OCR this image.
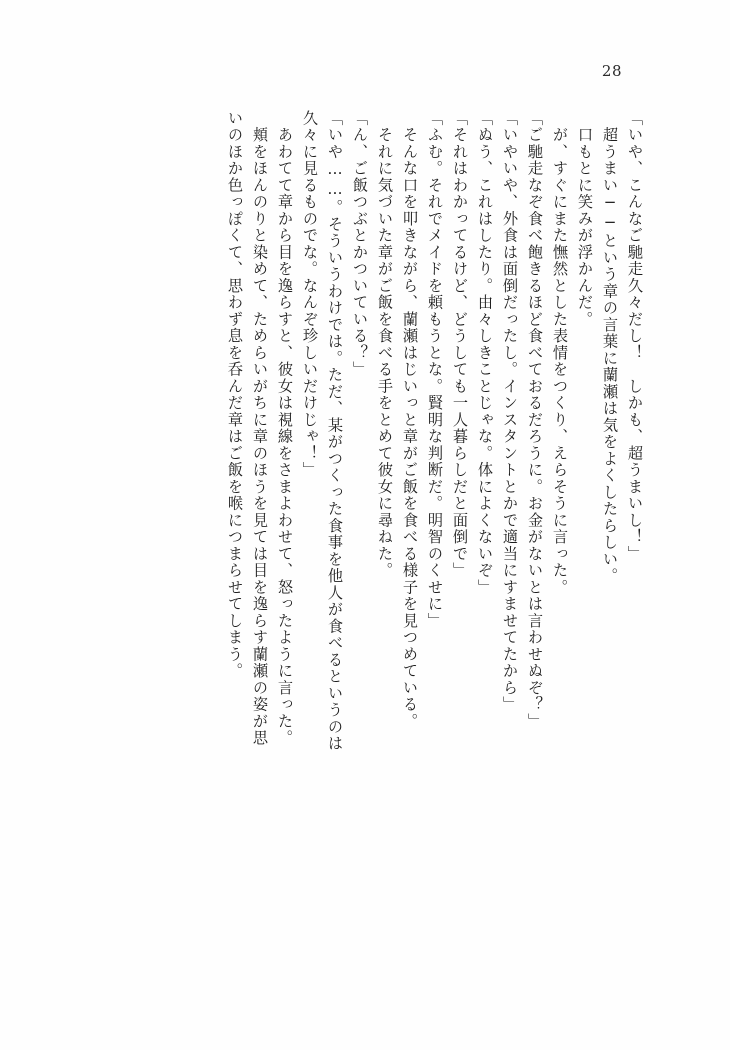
28
「いや、こんなご馳走久々だし！　しかも、超うまいし！」
　超うまい──という章の言葉に蘭瀬は気をよくしたらしい。
　口もとに笑みが浮かんだ。
　が、すぐにまた憮然とした表情をつくり、えらそうに言った。
「ご馳走なぞ食べ飽きるほど食べておるだろうに。お金がないとは言わせぬぞ？」
「いやいや、外食は面倒だったし。インスタントとかで適当にすませてたから」
「ぬう、これはしたり。由々しきことじゃな。体によくないぞ」
「それはわかってるけど、どうしても一人暮らしだと面倒で」
「ふむ。それでメイドを頼もうとな。賢明な判断だ。明智のくせに」
　そんな口を叩きながら、蘭瀬はじいっと章がご飯を食べる様子を見つめている。
　それに気づいた章がご飯を食べる手をとめて彼女に尋ねた。
「ん、ご飯つぶとかついている？」
「いや……。そういうわけでは。ただ、某がつくった食事を他人が食べるというのは
久々に見るものでな。なんぞ珍しいだけじゃ！」
　あわてて章から目を逸らすと、彼女は視線をさまよわせて、怒ったように言った。
　頬をほんのりと染めて、ためらいがちに章のほうを見ては目を逸らす蘭瀬の姿が思
いのほか色っぽくて、思わず息を呑んだ章はご飯を喉につまらせてしまう。
